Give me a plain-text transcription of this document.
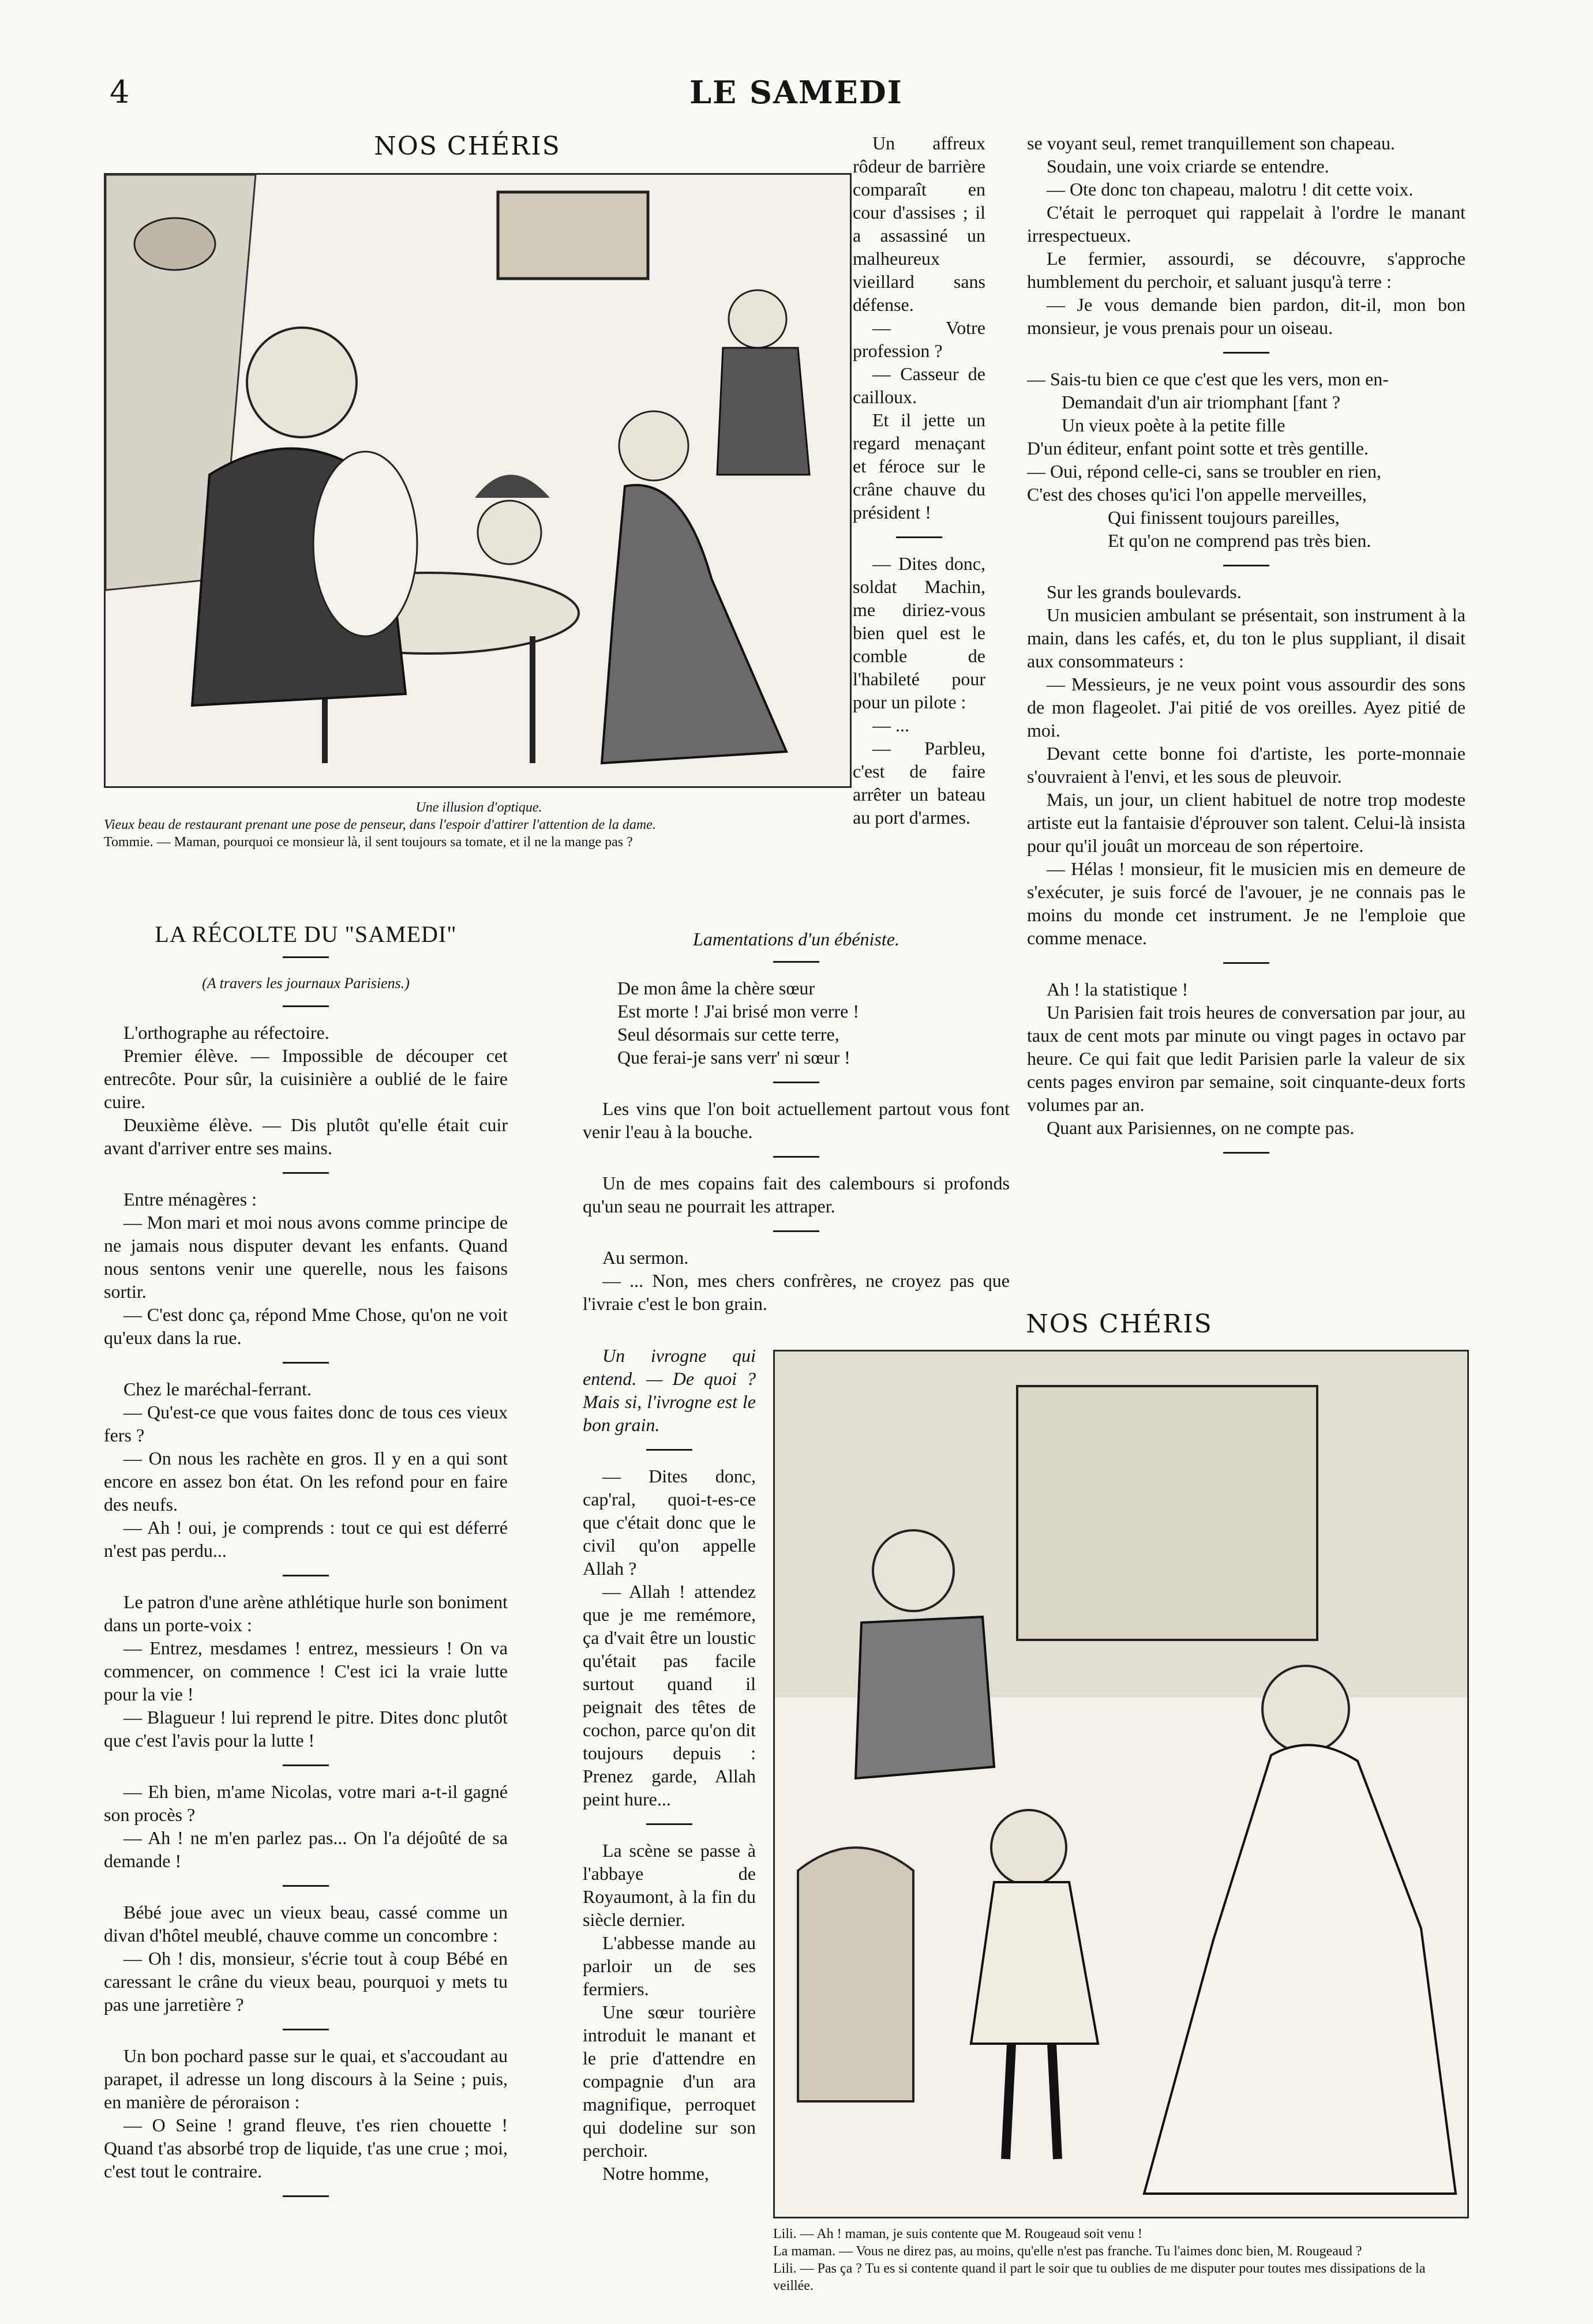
4	LE SAMEDI
NOS CHÉRIS
Une illusion d'optique.
Vieux beau de restaurant prenant une pose de penseur, dans l'espoir d'attirer l'attention de la dame.
Tommie. — Maman, pourquoi ce monsieur là, il sent toujours sa tomate, et il ne la mange pas ?

Un affreux rôdeur de barrière comparaît en cour d'assises ; il a assassiné un malheureux vieillard sans défense.

— Votre profession ?

— Casseur de cailloux.

Et il jette un regard menaçant et féroce sur le crâne chauve du président !

— Dites donc, soldat Machin, me diriez-vous bien quel est le comble de l'habileté pour pour un pilote :

— ...

— Parbleu, c'est de faire arrêter un bateau au port d'armes.

LA RÉCOLTE DU "SAMEDI"
(A travers les journaux Parisiens.)

L'orthographe au réfectoire.

Premier élève. — Impossible de découper cet entrecôte. Pour sûr, la cuisinière a oublié de le faire cuire.

Deuxième élève. — Dis plutôt qu'elle était cuir avant d'arriver entre ses mains.

Entre ménagères :

— Mon mari et moi nous avons comme principe de ne jamais nous disputer devant les enfants. Quand nous sentons venir une querelle, nous les faisons sortir.

— C'est donc ça, répond Mme Chose, qu'on ne voit qu'eux dans la rue.

Chez le maréchal-ferrant.

— Qu'est-ce que vous faites donc de tous ces vieux fers ?

— On nous les rachète en gros. Il y en a qui sont encore en assez bon état. On les refond pour en faire des neufs.

— Ah ! oui, je comprends : tout ce qui est déferré n'est pas perdu...

Le patron d'une arène athlétique hurle son boniment dans un porte-voix :

— Entrez, mesdames ! entrez, messieurs ! On va commencer, on commence ! C'est ici la vraie lutte pour la vie !

— Blagueur ! lui reprend le pitre. Dites donc plutôt que c'est l'avis pour la lutte !

— Eh bien, m'ame Nicolas, votre mari a-t-il gagné son procès ?

— Ah ! ne m'en parlez pas... On l'a déjoûté de sa demande !

Bébé joue avec un vieux beau, cassé comme un divan d'hôtel meublé, chauve comme un concombre :

— Oh ! dis, monsieur, s'écrie tout à coup Bébé en caressant le crâne du vieux beau, pourquoi y mets tu pas une jarretière ?

Un bon pochard passe sur le quai, et s'accoudant au parapet, il adresse un long discours à la Seine ; puis, en manière de péroraison :

— O Seine ! grand fleuve, t'es rien chouette ! Quand t'as absorbé trop de liquide, t'as une crue ; moi, c'est tout le contraire.

Lamentations d'un ébéniste.
De mon âme la chère sœur
Est morte ! J'ai brisé mon verre !
Seul désormais sur cette terre,
Que ferai-je sans verr' ni sœur !

Les vins que l'on boit actuellement partout vous font venir l'eau à la bouche.

Un de mes copains fait des calembours si profonds qu'un seau ne pourrait les attraper.

Au sermon.

— ... Non, mes chers confrères, ne croyez pas que l'ivraie c'est le bon grain.

Un ivrogne qui entend. — De quoi ? Mais si, l'ivrogne est le bon grain.

— Dites donc, cap'ral, quoi-t-es-ce que c'était donc que le civil qu'on appelle Allah ?

— Allah ! attendez que je me remémore, ça d'vait être un loustic qu'était pas facile surtout quand il peignait des têtes de cochon, parce qu'on dit toujours depuis : Prenez garde, Allah peint hure...

La scène se passe à l'abbaye de Royaumont, à la fin du siècle dernier.

L'abbesse mande au parloir un de ses fermiers.

Une sœur tourière introduit le manant et le prie d'attendre en compagnie d'un ara magnifique, perroquet qui dodeline sur son perchoir.

Notre homme,

se voyant seul, remet tranquillement son chapeau.

Soudain, une voix criarde se entendre.

— Ote donc ton chapeau, malotru ! dit cette voix.

C'était le perroquet qui rappelait à l'ordre le manant irrespectueux.

Le fermier, assourdi, se découvre, s'approche humblement du perchoir, et saluant jusqu'à terre :

— Je vous demande bien pardon, dit-il, mon bon monsieur, je vous prenais pour un oiseau.

— Sais-tu bien ce que c'est que les vers, mon en-
Demandait d'un air triomphant [fant ?
Un vieux poète à la petite fille
D'un éditeur, enfant point sotte et très gentille.
— Oui, répond celle-ci, sans se troubler en rien,
C'est des choses qu'ici l'on appelle merveilles,
Qui finissent toujours pareilles,
Et qu'on ne comprend pas très bien.

Sur les grands boulevards.

Un musicien ambulant se présentait, son instrument à la main, dans les cafés, et, du ton le plus suppliant, il disait aux consommateurs :

— Messieurs, je ne veux point vous assourdir des sons de mon flageolet. J'ai pitié de vos oreilles. Ayez pitié de moi.

Devant cette bonne foi d'artiste, les porte-monnaie s'ouvraient à l'envi, et les sous de pleuvoir.

Mais, un jour, un client habituel de notre trop modeste artiste eut la fantaisie d'éprouver son talent. Celui-là insista pour qu'il jouât un morceau de son répertoire.

— Hélas ! monsieur, fit le musicien mis en demeure de s'exécuter, je suis forcé de l'avouer, je ne connais pas le moins du monde cet instrument. Je ne l'emploie que comme menace.

Ah ! la statistique !

Un Parisien fait trois heures de conversation par jour, au taux de cent mots par minute ou vingt pages in octavo par heure. Ce qui fait que ledit Parisien parle la valeur de six cents pages environ par semaine, soit cinquante-deux forts volumes par an.

Quant aux Parisiennes, on ne compte pas.

NOS CHÉRIS
Lili. — Ah ! maman, je suis contente que M. Rougeaud soit venu !
La maman. — Vous ne direz pas, au moins, qu'elle n'est pas franche. Tu l'aimes donc bien, M. Rougeaud ?
Lili. — Pas ça ? Tu es si contente quand il part le soir que tu oublies de me disputer pour toutes mes dissipations de la veillée.
